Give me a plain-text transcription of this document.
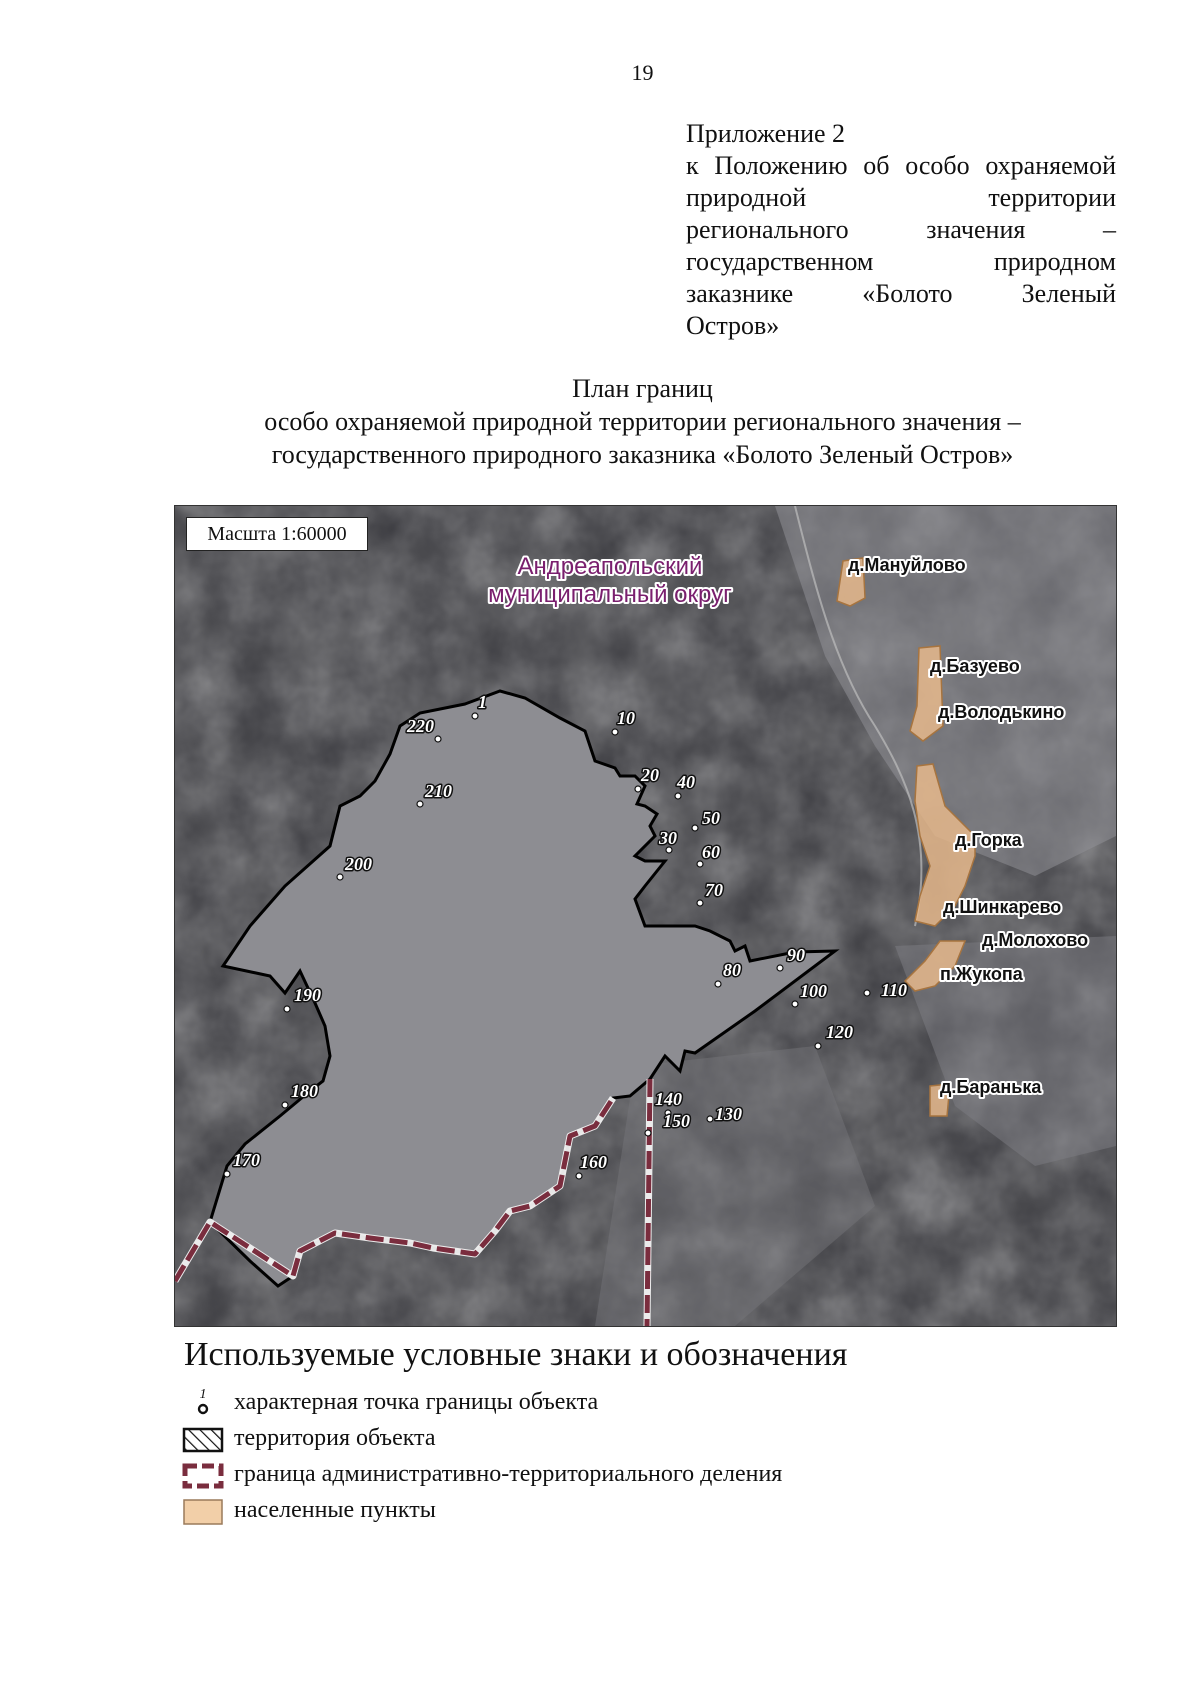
19
Приложение 2
к Положению об особо охраняемой
природной территории
регионального значения –
государственном природном
заказнике «Болото Зеленый
Остров»
План границ
особо охраняемой природной территории регионального значения –
государственного природного заказника «Болото Зеленый Остров»
Андреапольский
муниципальный округ
д.Мануйлово
д.Базуево
д.Володькино
д.Горка
д.Шинкарево
д.Молохово
п.Жукопа
д.Баранька
1
10
20
30
40
50
60
70
80
90
100	110
120
130
140
150
160
170
180
190
200
210
220
Масшта 1:60000
Используемые условные знаки и обозначения
1 характерная точка границы объекта
территория объекта
граница административно-территориального деления
населенные пункты
